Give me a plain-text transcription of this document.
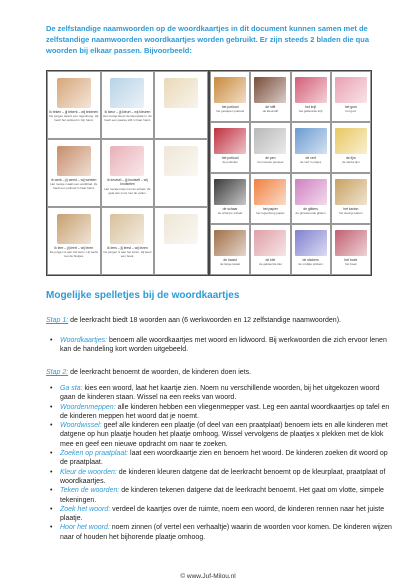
De zelfstandige naamwoorden op de woordkaartjes in dit document kunnen samen met de zelfstandige naamwoorden woordkaartjes worden gebruikt. Er zijn steeds 2 bladen die qua woorden bij elkaar passen. Bijvoorbeeld:
ik teken – jij tekent – wij tekenen
De jongen tekent een regenboog. Hij heeft het potlood in zijn hand.
ik kleur – jij kleurt – wij kleuren
Het meisje kleurt de kleurplaat in. Ze heeft een paarse stift in haar hand.
ik werk – jij werkt – wij werken
Het meisje maakt een werkblad. Ze heeft een potlood in haar hand.
ik knutsel – jij knutselt – wij knutselen
Het meisje knipt met de schaar. Ze gaat iets mooi met de vellen.
ik leer – jij leert – wij leren
De jongen is aan het leren. Hij werkt met de blokjes.
ik lees – jij leest – wij lezen
De jongen is aan het lezen. Hij leest een boek.
het potlood
het geslepen potlood
de stift
de kleurstift
het krijt
het gekleurde krijt
het gum
het gum
het potlood
de potloden
de pen
het nieuwe penseel
de verf
de verf in potjes
de lijm
de sterke lijm
de schaar
de scherpe schaar
het papier
het regenboog papier
de glitters
de glinsterende glitters
het karton
het stevige karton
de kwast
de lange kwast
de klei
de gekleurde klei
de stickers
de vrolijke stickers
het boek
het boek
Mogelijke spelletjes bij de woordkaartjes

Stap 1: de leerkracht biedt 18 woorden aan (6 werkwoorden en 12 zelfstandige naamwoorden).

• Woordkaartjes: benoem alle woordkaartjes met woord en lidwoord. Bij werkwoorden die zich ervoor lenen kan de handeling kort worden uitgebeeld.

Stap 2: de leerkracht benoemt de woorden, de kinderen doen iets.

• Ga sta: kies een woord, laat het kaartje zien. Noem nu verschillende woorden, bij het uitgekozen woord gaan de kinderen staan. Wissel na een reeks van woord.
• Woordenmeppen: alle kinderen hebben een vliegenmepper vast. Leg een aantal woordkaartjes op tafel en de kinderen meppen het woord dat je noemt.
• Woordwissel: geef alle kinderen een plaatje (of deel van een praatplaat) benoem iets en alle kinderen met datgene op hun plaatje houden het plaatje omhoog. Wissel vervolgens de plaatjes x plekken met de klok mee en geef een nieuwe opdracht om naar te zoeken.
• Zoeken op praatplaat: laat een woordkaartje zien en benoem het woord. De kinderen zoeken dit woord op de praatplaat.
• Kleur de woorden: de kinderen kleuren datgene dat de leerkracht benoemt op de kleurplaat, praatplaat of woordkaartjes.
• Teken de woorden: de kinderen tekenen datgene dat de leerkracht benoemt. Het gaat om vlotte, simpele tekeningen.
• Zoek het woord: verdeel de kaartjes over de ruimte, noem een woord, de kinderen rennen naar het juiste plaatje.
• Hoor het woord: noem zinnen (of vertel een verhaaltje) waarin de woorden voor komen. De kinderen wijzen naar of houden het bijhorende plaatje omhoog.
© www.Juf-Milou.nl
